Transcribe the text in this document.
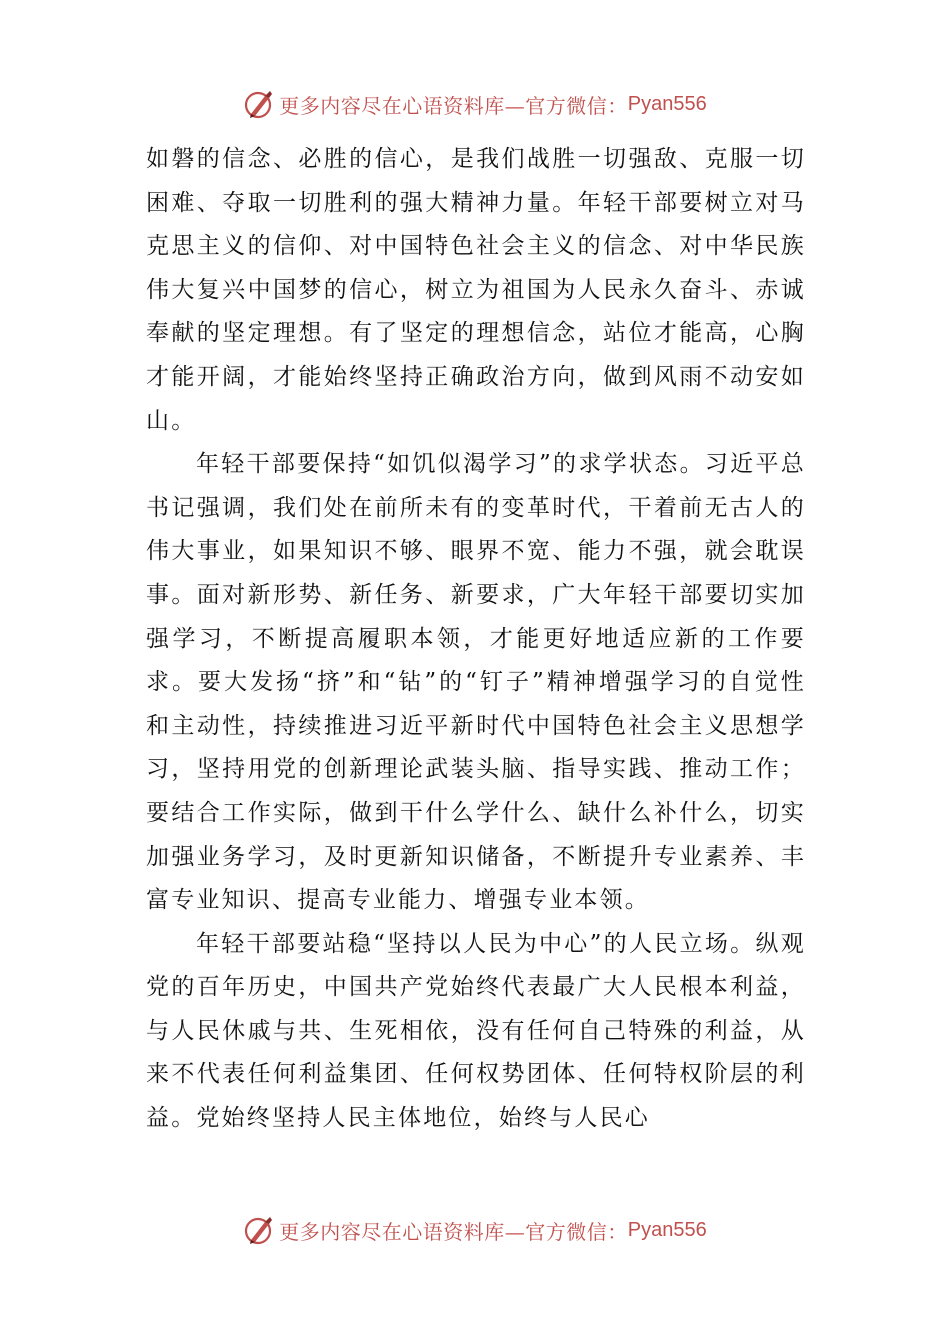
更多内容尽在心语资料库—官方微信： Pyan556

如磐的信念、必胜的信心，是我们战胜一切强敌、克服一切困难、夺取一切胜利的强大精神力量。年轻干部要树立对马克思主义的信仰、对中国特色社会主义的信念、对中华民族伟大复兴中国梦的信心，树立为祖国为人民永久奋斗、赤诚奉献的坚定理想。有了坚定的理想信念，站位才能高，心胸才能开阔，才能始终坚持正确政治方向，做到风雨不动安如山。

年轻干部要保持“如饥似渴学习”的求学状态。习近平总书记强调，我们处在前所未有的变革时代，干着前无古人的伟大事业，如果知识不够、眼界不宽、能力不强，就会耽误事。面对新形势、新任务、新要求，广大年轻干部要切实加强学习，不断提高履职本领，才能更好地适应新的工作要求。要大发扬“挤”和“钻”的“钉子”精神增强学习的自觉性和主动性，持续推进习近平新时代中国特色社会主义思想学习，坚持用党的创新理论武装头脑、指导实践、推动工作；要结合工作实际，做到干什么学什么、缺什么补什么，切实加强业务学习，及时更新知识储备，不断提升专业素养、丰富专业知识、提高专业能力、增强专业本领。

年轻干部要站稳“坚持以人民为中心”的人民立场。纵观党的百年历史，中国共产党始终代表最广大人民根本利益，与人民休戚与共、生死相依，没有任何自己特殊的利益，从来不代表任何利益集团、任何权势团体、任何特权阶层的利益。党始终坚持人民主体地位，始终与人民心

更多内容尽在心语资料库—官方微信： Pyan556
